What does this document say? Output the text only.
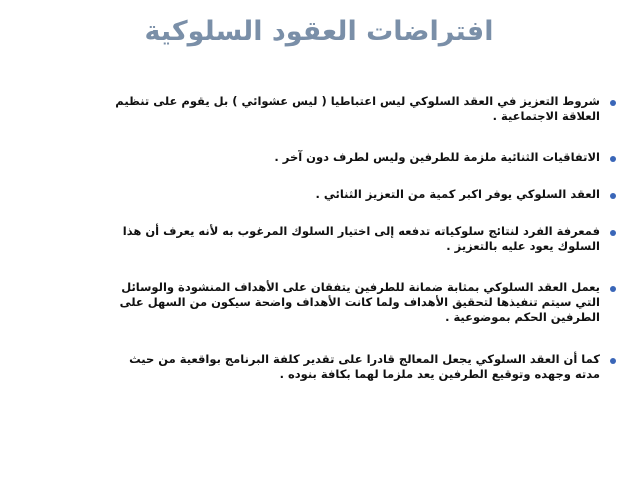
افتراضات العقود السلوكية
شروط التعزيز في العقد السلوكي ليس اعتباطيا ( ليس عشوائي ) بل يقوم على تنظيم العلاقة الاجتماعية .
الاتفاقيات الثنائية ملزمة للطرفين وليس لطرف دون آخر .
العقد السلوكي يوفر اكبر كمية من التعزيز الثنائي .
فمعرفة الفرد لنتائج سلوكياته تدفعه إلى اختيار السلوك المرغوب به لأنه يعرف أن هذا السلوك يعود عليه بالتعزيز .
يعمل العقد السلوكي بمثابة ضمانة للطرفين يتفقان على الأهداف المنشودة والوسائل التي سيتم تنفيذها لتحقيق الأهداف ولما كانت الأهداف واضحة سيكون من السهل على الطرفين الحكم بموضوعية .
كما أن العقد السلوكي يجعل المعالج قادرا على تقدير كلفة البرنامج بواقعية من حيث مدته وجهده وتوقيع الطرفين يعد ملزما لهما بكافة بنوده .
